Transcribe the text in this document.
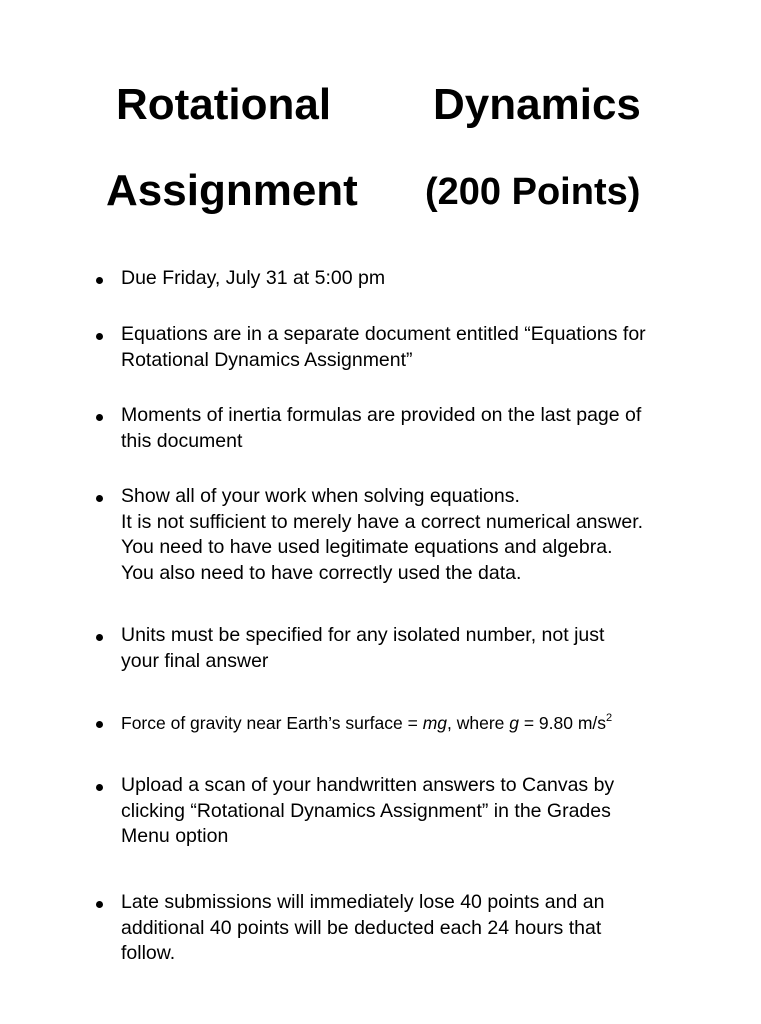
Rotational Dynamics
Assignment (200 Points)
Due Friday, July 31 at 5:00 pm
Equations are in a separate document entitled “Equations for
Rotational Dynamics Assignment”
Moments of inertia formulas are provided on the last page of
this document
Show all of your work when solving equations.
It is not sufficient to merely have a correct numerical answer.
You need to have used legitimate equations and algebra.
You also need to have correctly used the data.
Units must be specified for any isolated number, not just
your final answer
Force of gravity near Earth’s surface = mg, where g = 9.80 $m/s^2$
Upload a scan of your handwritten answers to Canvas by
clicking “Rotational Dynamics Assignment” in the Grades
Menu option
Late submissions will immediately lose 40 points and an
additional 40 points will be deducted each 24 hours that
follow.
